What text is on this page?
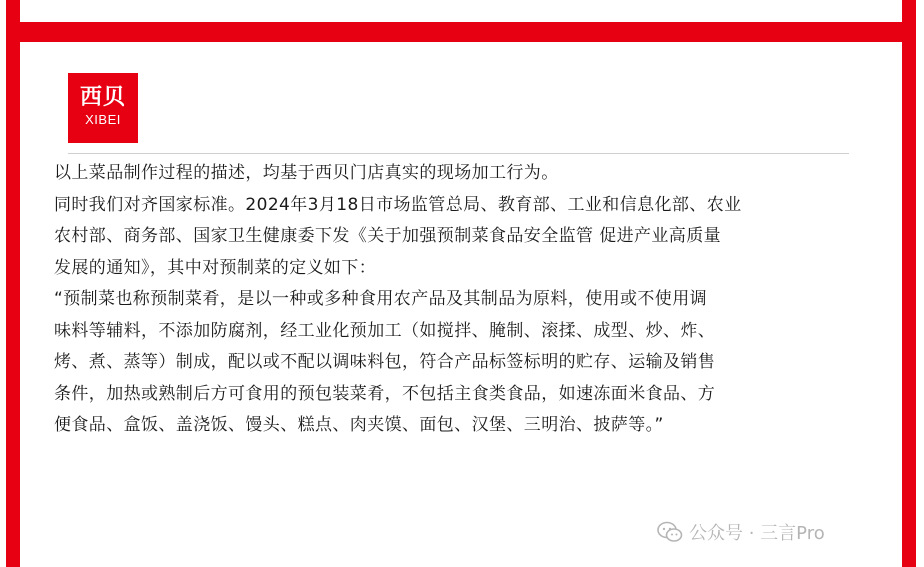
西贝
XIBEI
以上菜品制作过程的描述，均基于西贝门店真实的现场加工行为。
同时我们对齐国家标准。2024年3月18日市场监管总局、教育部、工业和信息化部、农业
农村部、商务部、国家卫生健康委下发《关于加强预制菜食品安全监管 促进产业高质量
发展的通知》，其中对预制菜的定义如下：
“预制菜也称预制菜肴，是以一种或多种食用农产品及其制品为原料，使用或不使用调
味料等辅料，不添加防腐剂，经工业化预加工（如搅拌、腌制、滚揉、成型、炒、炸、
烤、煮、蒸等）制成，配以或不配以调味料包，符合产品标签标明的贮存、运输及销售
条件，加热或熟制后方可食用的预包装菜肴，不包括主食类食品，如速冻面米食品、方
便食品、盒饭、盖浇饭、馒头、糕点、肉夹馍、面包、汉堡、三明治、披萨等。”
公众号 · 三言Pro
